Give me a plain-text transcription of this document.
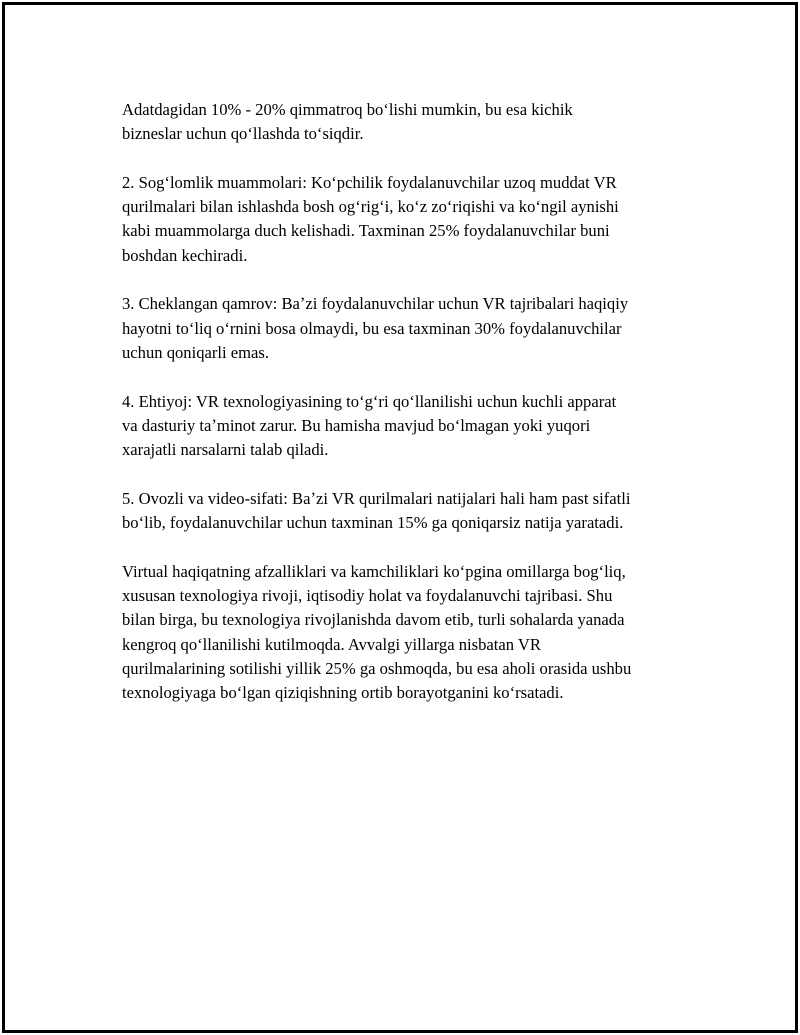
Adatdagidan 10% - 20% qimmatroq boʻlishi mumkin, bu esa kichik
bizneslar uchun qoʻllashda toʻsiqdir.

2. Sogʻlomlik muammolari: Koʻpchilik foydalanuvchilar uzoq muddat VR
qurilmalari bilan ishlashda bosh ogʻrigʻi, koʻz zoʻriqishi va koʻngil aynishi
kabi muammolarga duch kelishadi. Taxminan 25% foydalanuvchilar buni
boshdan kechiradi.

3. Cheklangan qamrov: Baʼzi foydalanuvchilar uchun VR tajribalari haqiqiy
hayotni toʻliq oʻrnini bosa olmaydi, bu esa taxminan 30% foydalanuvchilar
uchun qoniqarli emas.

4. Ehtiyoj: VR texnologiyasining toʻgʻri qoʻllanilishi uchun kuchli apparat
va dasturiy taʼminot zarur. Bu hamisha mavjud boʻlmagan yoki yuqori
xarajatli narsalarni talab qiladi.

5. Ovozli va video-sifati: Baʼzi VR qurilmalari natijalari hali ham past sifatli
boʻlib, foydalanuvchilar uchun taxminan 15% ga qoniqarsiz natija yaratadi.

Virtual haqiqatning afzalliklari va kamchiliklari koʻpgina omillarga bogʻliq,
xususan texnologiya rivoji, iqtisodiy holat va foydalanuvchi tajribasi. Shu
bilan birga, bu texnologiya rivojlanishda davom etib, turli sohalarda yanada
kengroq qoʻllanilishi kutilmoqda. Avvalgi yillarga nisbatan VR
qurilmalarining sotilishi yillik 25% ga oshmoqda, bu esa aholi orasida ushbu
texnologiyaga boʻlgan qiziqishning ortib borayotganini koʻrsatadi.
